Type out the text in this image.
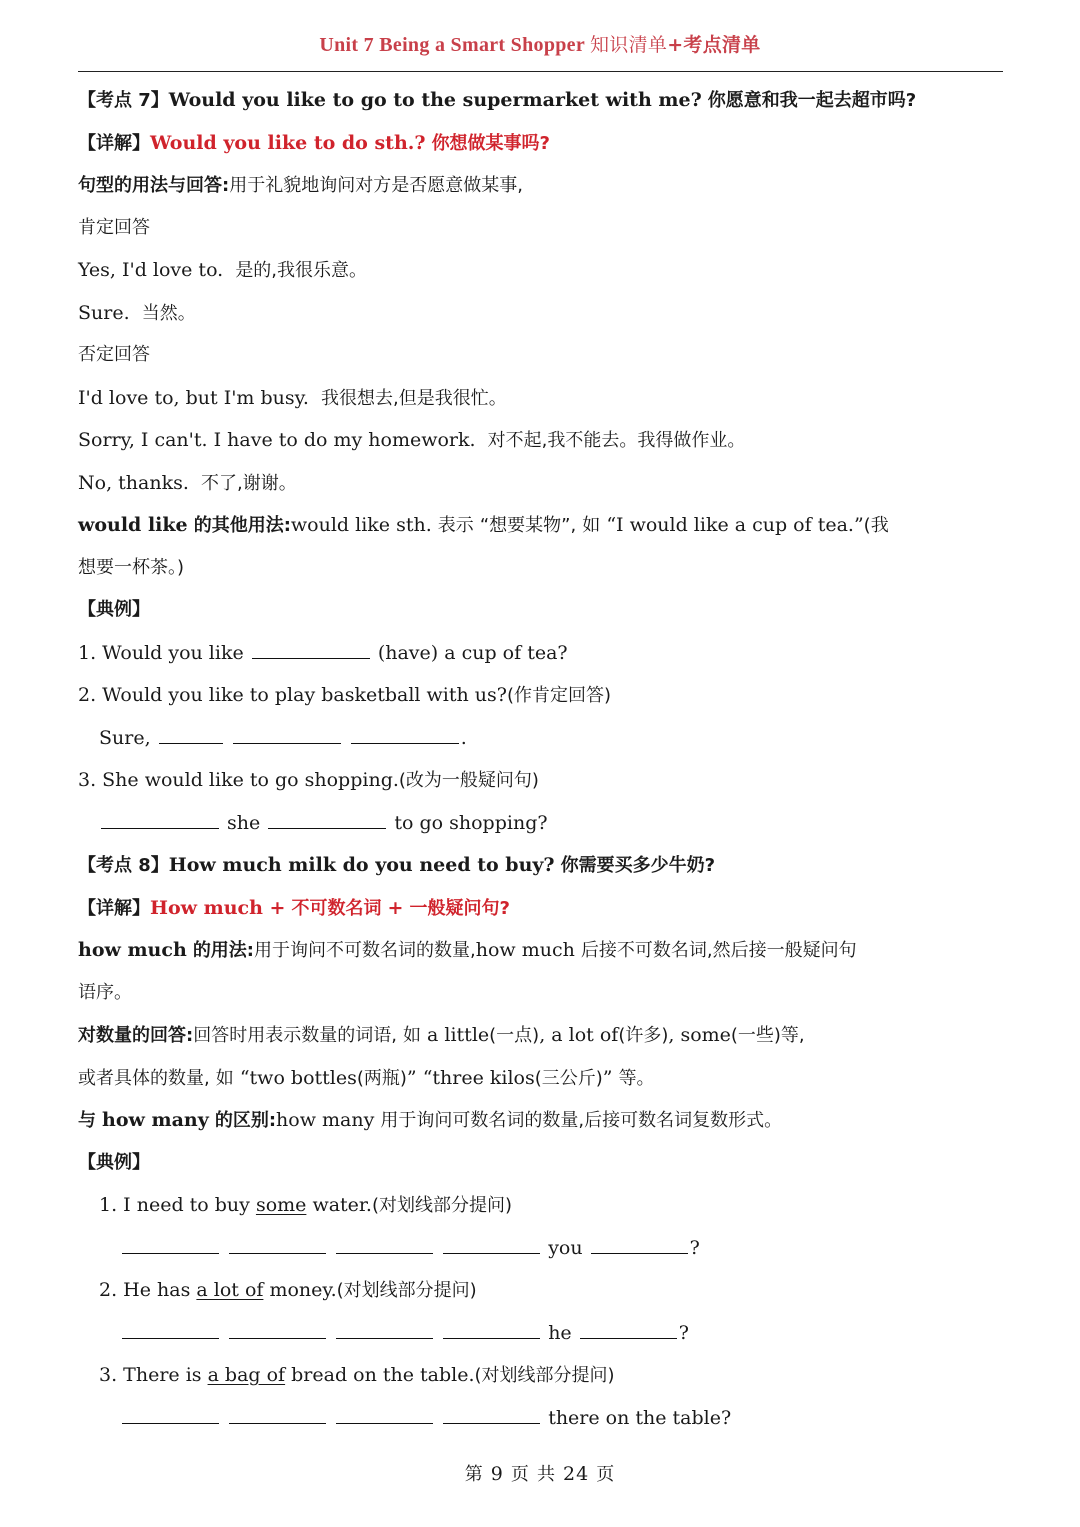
Unit 7 Being a Smart Shopper 知识清单+考点清单
【考点 7】Would you like to go to the supermarket with me? 你愿意和我一起去超市吗?
【详解】Would you like to do sth.? 你想做某事吗?
句型的用法与回答:用于礼貌地询问对方是否愿意做某事,
肯定回答
Yes, I'd love to. 是的,我很乐意。
Sure. 当然。
否定回答
I'd love to, but I'm busy. 我很想去,但是我很忙。
Sorry, I can't. I have to do my homework. 对不起,我不能去。我得做作业。
No, thanks. 不了,谢谢。
would like 的其他用法:would like sth. 表示 “想要某物”, 如 “I would like a cup of tea.”(我
想要一杯茶。)
【典例】
1. Would you like	(have) a cup of tea?
2. Would you like to play basketball with us?(作肯定回答)
Sure,	.
3. She would like to go shopping.(改为一般疑问句)
she	to go shopping?
【考点 8】How much milk do you need to buy? 你需要买多少牛奶?
【详解】How much + 不可数名词 + 一般疑问句?
how much 的用法:用于询问不可数名词的数量,how much 后接不可数名词,然后接一般疑问句
语序。
对数量的回答:回答时用表示数量的词语, 如 a little(一点), a lot of(许多), some(一些)等,
或者具体的数量, 如 “two bottles(两瓶)” “three kilos(三公斤)” 等。
与 how many 的区别:how many 用于询问可数名词的数量,后接可数名词复数形式。
【典例】
1. I need to buy some water.(对划线部分提问)
you	?
2. He has a lot of money.(对划线部分提问)
he	?
3. There is a bag of bread on the table.(对划线部分提问)
there on the table?
第 9 页 共 24 页
